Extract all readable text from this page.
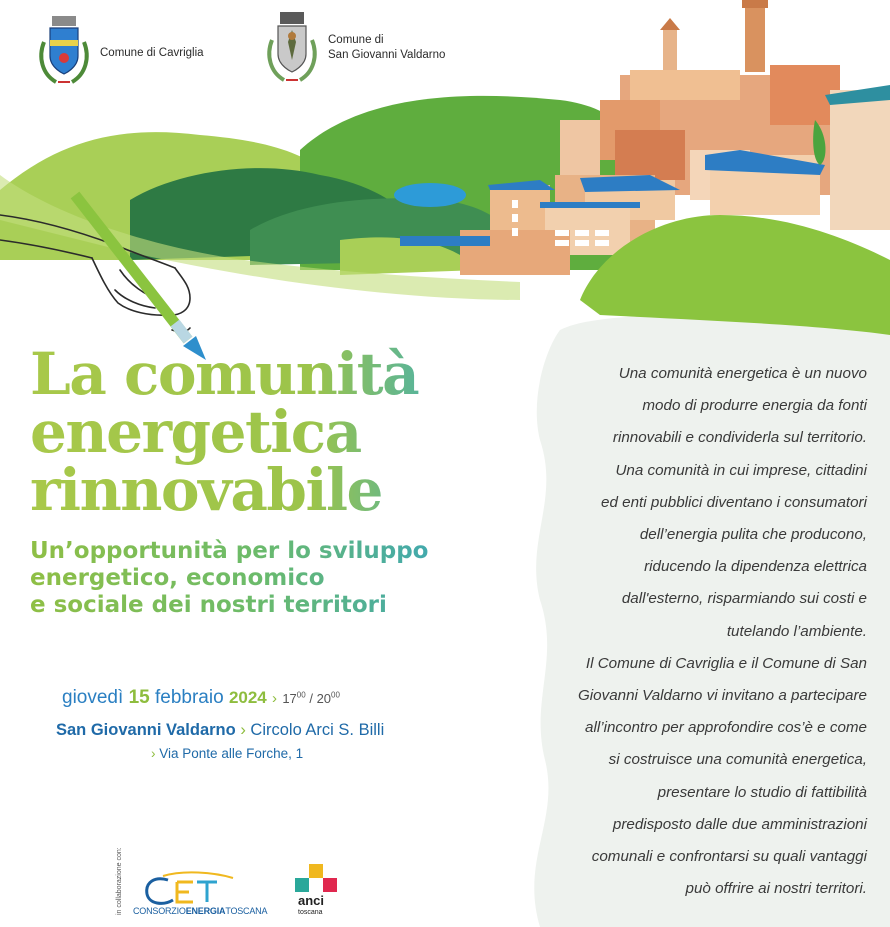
Comune di Cavriglia
Comune di
San Giovanni Valdarno
La comunità
energetica
rinnovabile
Un’opportunità per lo sviluppo
energetico, economico
e sociale dei nostri territori
giovedì 15 febbraio 2024 › $17^{00} / 20^{00}$
San Giovanni Valdarno › Circolo Arci S. Billi
› Via Ponte alle Forche, 1
Una comunità energetica è un nuovo
modo di produrre energia da fonti
rinnovabili e condividerla sul territorio.
Una comunità in cui imprese, cittadini
ed enti pubblici diventano i consumatori
dell’energia pulita che producono,
riducendo la dipendenza elettrica
dall'esterno, risparmiando sui costi e
tutelando l’ambiente.
Il Comune di Cavriglia e il Comune di San
Giovanni Valdarno vi invitano a partecipare
all’incontro per approfondire cos’è e come
si costruisce una comunità energetica,
presentare lo studio di fattibilità
predisposto dalle due amministrazioni
comunali e confrontarsi su quali vantaggi
può offrire ai nostri territori.
in collaborazione con: CONSORZIOENERGIATOSCANA
anci
toscana
